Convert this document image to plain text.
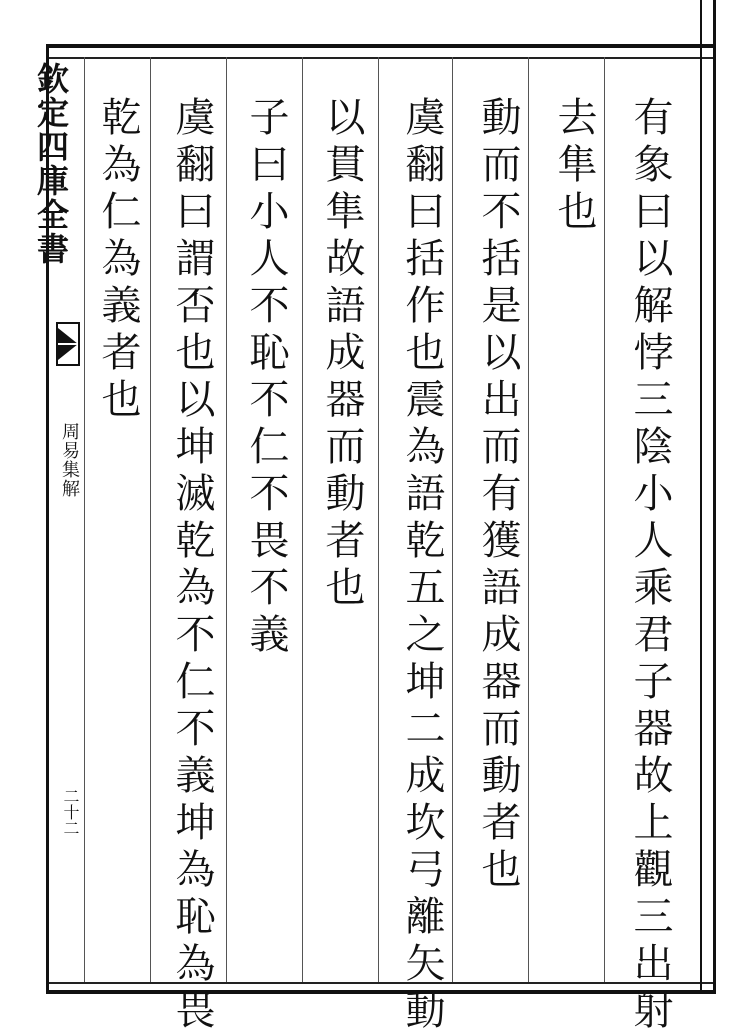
欽定四庫全書
周易集解
二十二	有象曰以解悖三陰小人乘君子器故上觀三出射
去隼也
動而不括是以出而有獲語成器而動者也
虞翻曰括作也震為語乾五之坤二成坎弓離矢動
以貫隼故語成器而動者也
子曰小人不恥不仁不畏不義
虞翻曰謂否也以坤滅乾為不仁不義坤為恥為畏
乾為仁為義者也
